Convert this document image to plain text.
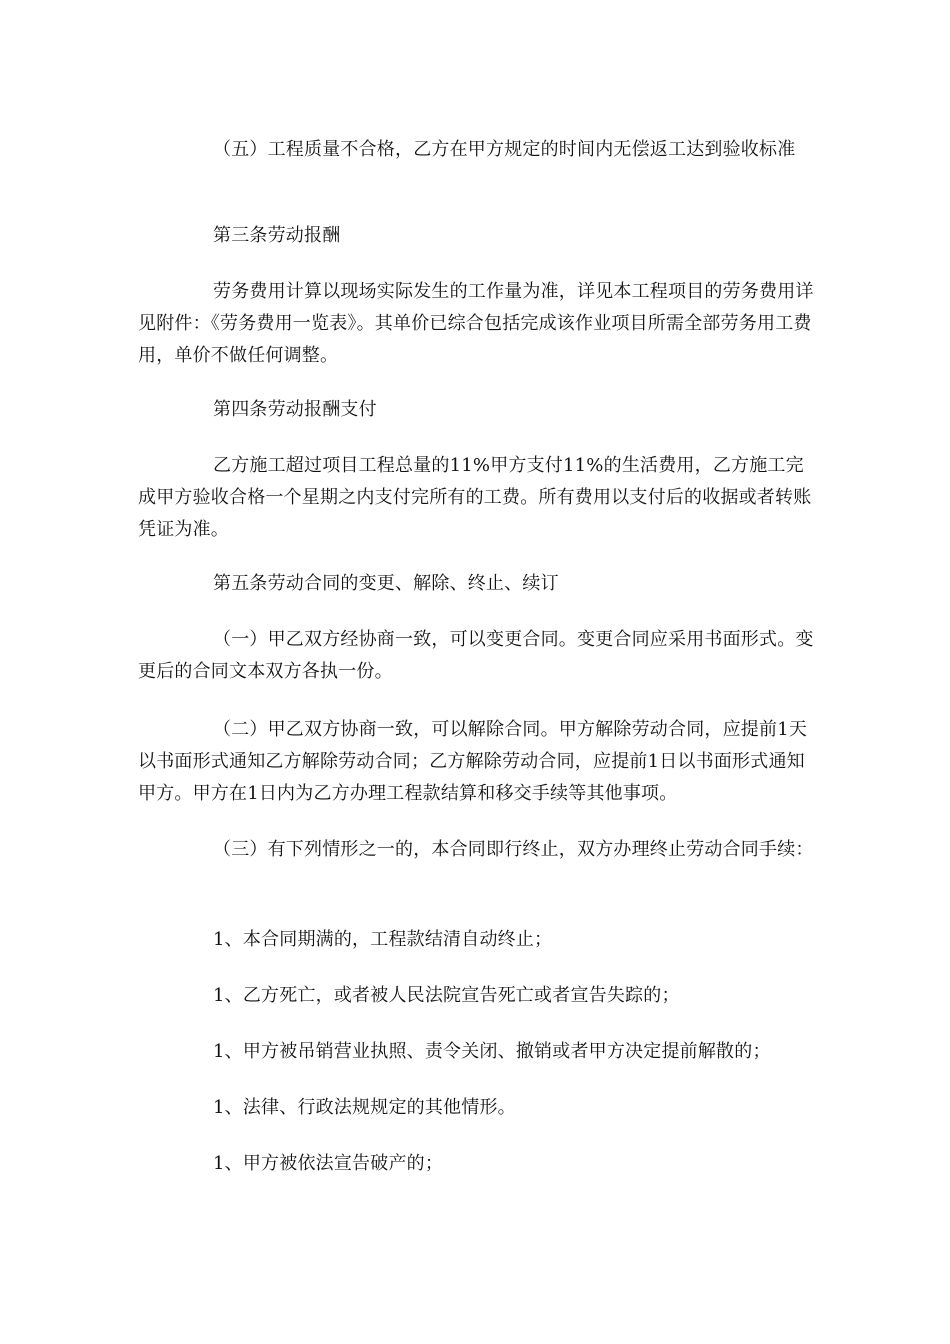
（五）工程质量不合格，乙方在甲方规定的时间内无偿返工达到验收标准

第三条劳动报酬

劳务费用计算以现场实际发生的工作量为准，详见本工程项目的劳务费用详见附件：《劳务费用一览表》。其单价已综合包括完成该作业项目所需全部劳务用工费用，单价不做任何调整。

第四条劳动报酬支付

乙方施工超过项目工程总量的11%甲方支付11%的生活费用，乙方施工完成甲方验收合格一个星期之内支付完所有的工费。所有费用以支付后的收据或者转账凭证为准。

第五条劳动合同的变更、解除、终止、续订

（一）甲乙双方经协商一致，可以变更合同。变更合同应采用书面形式。变更后的合同文本双方各执一份。

（二）甲乙双方协商一致，可以解除合同。甲方解除劳动合同，应提前1天以书面形式通知乙方解除劳动合同；乙方解除劳动合同，应提前1日以书面形式通知甲方。甲方在1日内为乙方办理工程款结算和移交手续等其他事项。

（三）有下列情形之一的，本合同即行终止，双方办理终止劳动合同手续：

1、本合同期满的，工程款结清自动终止；

1、乙方死亡，或者被人民法院宣告死亡或者宣告失踪的；

1、甲方被吊销营业执照、责令关闭、撤销或者甲方决定提前解散的；

1、法律、行政法规规定的其他情形。

1、甲方被依法宣告破产的；
